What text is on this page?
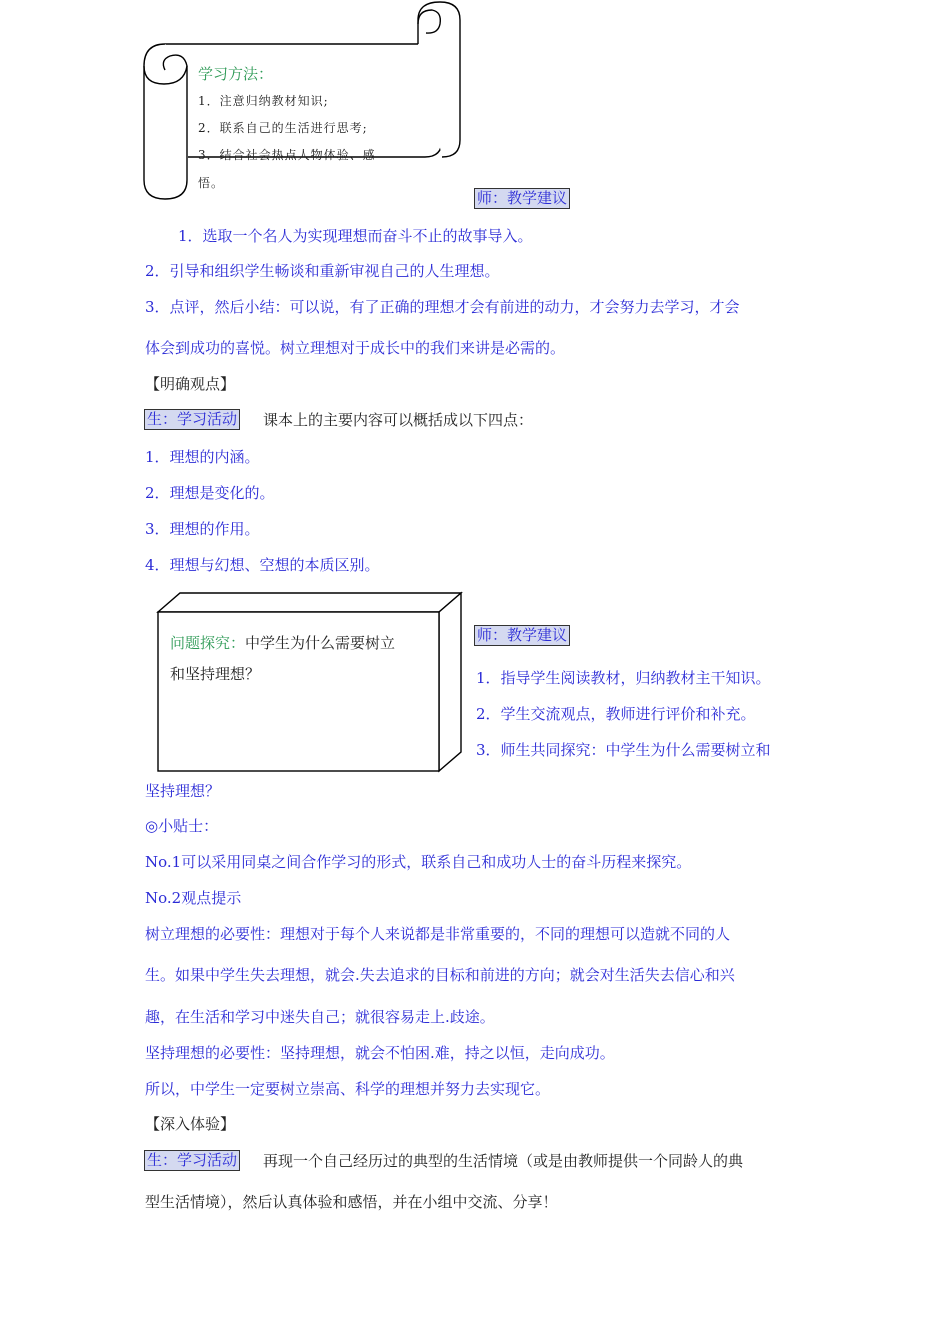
学习方法：
1．注意归纳教材知识;
2．联系自己的生活进行思考;
3．结合社会热点人物体验、感
悟。
师：教学建议
1．选取一个名人为实现理想而奋斗不止的故事导入。
2．引导和组织学生畅谈和重新审视自己的人生理想。
3．点评，然后小结：可以说，有了正确的理想才会有前进的动力，才会努力去学习，才会
体会到成功的喜悦。树立理想对于成长中的我们来讲是必需的。
【明确观点】
生：学习活动 课本上的主要内容可以概括成以下四点：
1．理想的内涵。
2．理想是变化的。
3．理想的作用。
4．理想与幻想、空想的本质区别。
问题探究：中学生为什么需要树立
和坚持理想？
师：教学建议
1．指导学生阅读教材，归纳教材主干知识。
2．学生交流观点，教师进行评价和补充。
3．师生共同探究：中学生为什么需要树立和
坚持理想？
◎小贴士：
No.1可以采用同桌之间合作学习的形式，联系自己和成功人士的奋斗历程来探究。
No.2观点提示
树立理想的必要性：理想对于每个人来说都是非常重要的，不同的理想可以造就不同的人
生。如果中学生失去理想，就会.失去追求的目标和前进的方向；就会对生活失去信心和兴
趣，在生活和学习中迷失自己；就很容易走上.歧途。
坚持理想的必要性：坚持理想，就会不怕困.难，持之以恒，走向成功。
所以，中学生一定要树立崇高、科学的理想并努力去实现它。
【深入体验】
生：学习活动 再现一个自己经历过的典型的生活情境（或是由教师提供一个同龄人的典
型生活情境），然后认真体验和感悟，并在小组中交流、分享！
